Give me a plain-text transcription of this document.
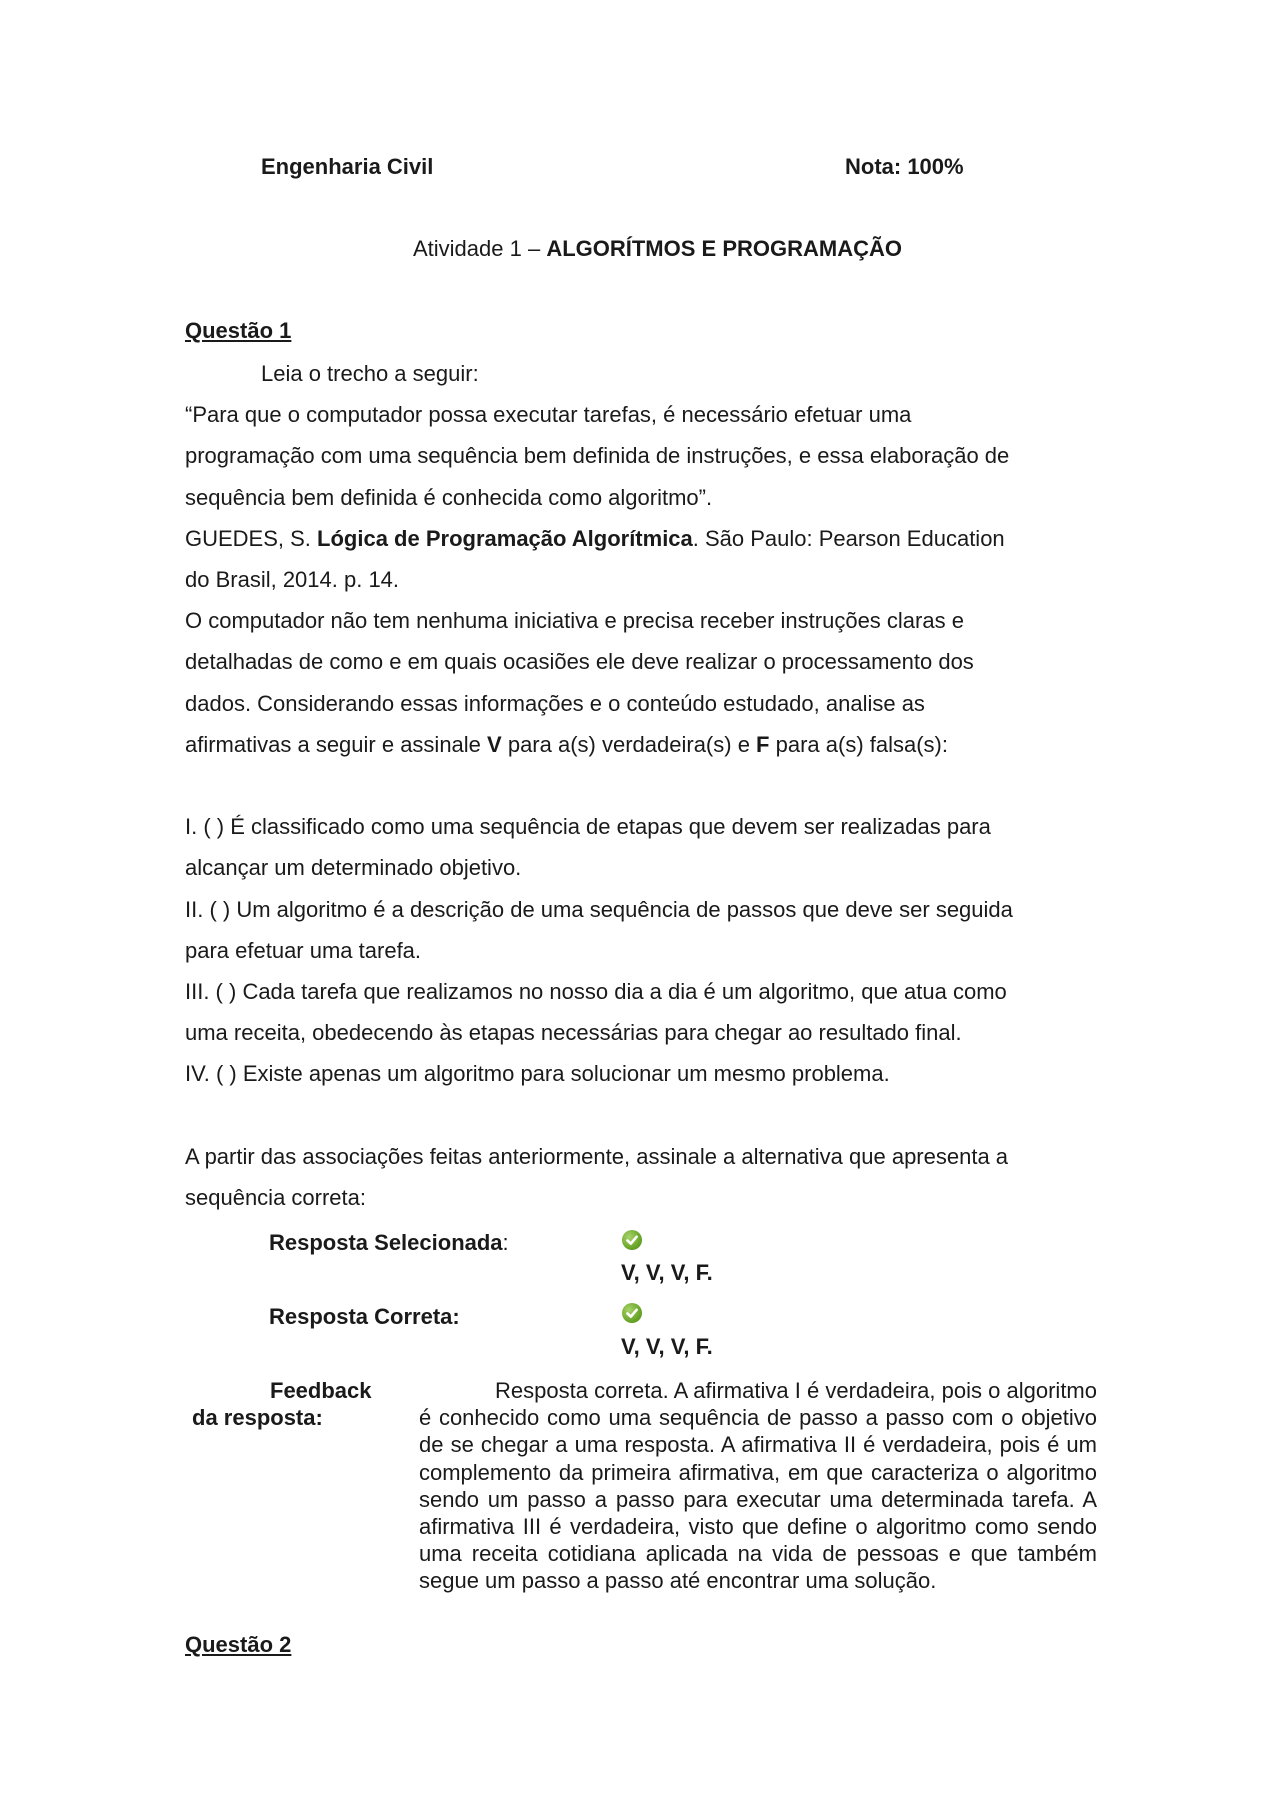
Engenharia Civil	Nota: 100%
Atividade 1 – ALGORÍTMOS E PROGRAMAÇÃO
Questão 1
Leia o trecho a seguir:
“Para que o computador possa executar tarefas, é necessário efetuar uma
programação com uma sequência bem definida de instruções, e essa elaboração de
sequência bem definida é conhecida como algoritmo”.
GUEDES, S. Lógica de Programação Algorítmica. São Paulo: Pearson Education
do Brasil, 2014. p. 14.
O computador não tem nenhuma iniciativa e precisa receber instruções claras e
detalhadas de como e em quais ocasiões ele deve realizar o processamento dos
dados. Considerando essas informações e o conteúdo estudado, analise as
afirmativas a seguir e assinale V para a(s) verdadeira(s) e F para a(s) falsa(s):
I. ( ) É classificado como uma sequência de etapas que devem ser realizadas para
alcançar um determinado objetivo.
II. ( ) Um algoritmo é a descrição de uma sequência de passos que deve ser seguida
para efetuar uma tarefa.
III. ( ) Cada tarefa que realizamos no nosso dia a dia é um algoritmo, que atua como
uma receita, obedecendo às etapas necessárias para chegar ao resultado final.
IV. ( ) Existe apenas um algoritmo para solucionar um mesmo problema.
A partir das associações feitas anteriormente, assinale a alternativa que apresenta a
sequência correta:
Resposta Selecionada:
V, V, V, F.
Resposta Correta:
V, V, V, F.
Feedback
da resposta:
Resposta correta. A afirmativa I é verdadeira, pois o algoritmo é conhecido como uma sequência de passo a passo com o objetivo de se chegar a uma resposta. A afirmativa II é verdadeira, pois é um complemento da primeira afirmativa, em que caracteriza o algoritmo sendo um passo a passo para executar uma determinada tarefa. A afirmativa III é verdadeira, visto que define o algoritmo como sendo uma receita cotidiana aplicada na vida de pessoas e que também segue um passo a passo até encontrar uma solução.
Questão 2
